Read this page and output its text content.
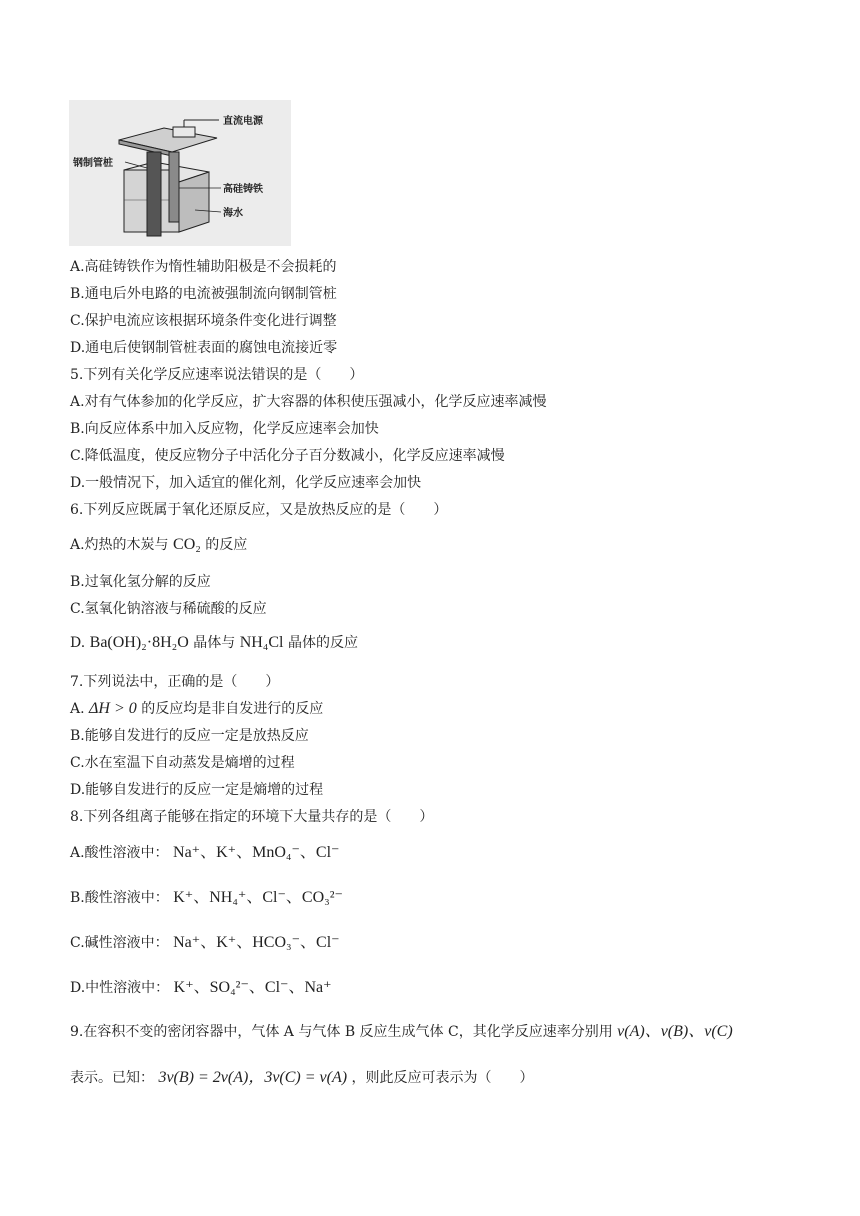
直流电源
钢制管桩
高硅铸铁
海水
A.高硅铸铁作为惰性辅助阳极是不会损耗的
B.通电后外电路的电流被强制流向钢制管桩
C.保护电流应该根据环境条件变化进行调整
D.通电后使钢制管桩表面的腐蚀电流接近零
5.下列有关化学反应速率说法错误的是（　　）
A.对有气体参加的化学反应，扩大容器的体积使压强减小，化学反应速率减慢
B.向反应体系中加入反应物，化学反应速率会加快
C.降低温度，使反应物分子中活化分子百分数减小，化学反应速率减慢
D.一般情况下，加入适宜的催化剂，化学反应速率会加快
6.下列反应既属于氧化还原反应，又是放热反应的是（　　）
A.灼热的木炭与 CO₂ 的反应
B.过氧化氢分解的反应
C.氢氧化钠溶液与稀硫酸的反应
D. Ba(OH)₂·8H₂O 晶体与 NH₄Cl 晶体的反应
7.下列说法中，正确的是（　　）
A. ΔH > 0 的反应均是非自发进行的反应
B.能够自发进行的反应一定是放热反应
C.水在室温下自动蒸发是熵增的过程
D.能够自发进行的反应一定是熵增的过程
8.下列各组离子能够在指定的环境下大量共存的是（　　）
A.酸性溶液中： Na⁺、K⁺、MnO₄⁻、Cl⁻
B.酸性溶液中： K⁺、NH₄⁺、Cl⁻、CO₃²⁻
C.碱性溶液中： Na⁺、K⁺、HCO₃⁻、Cl⁻
D.中性溶液中： K⁺、SO₄²⁻、Cl⁻、Na⁺
9.在容积不变的密闭容器中，气体 A 与气体 B 反应生成气体 C，其化学反应速率分别用 v(A)、v(B)、v(C)
表示。已知： 3v(B) = 2v(A)，3v(C) = v(A) ，则此反应可表示为（　　）
